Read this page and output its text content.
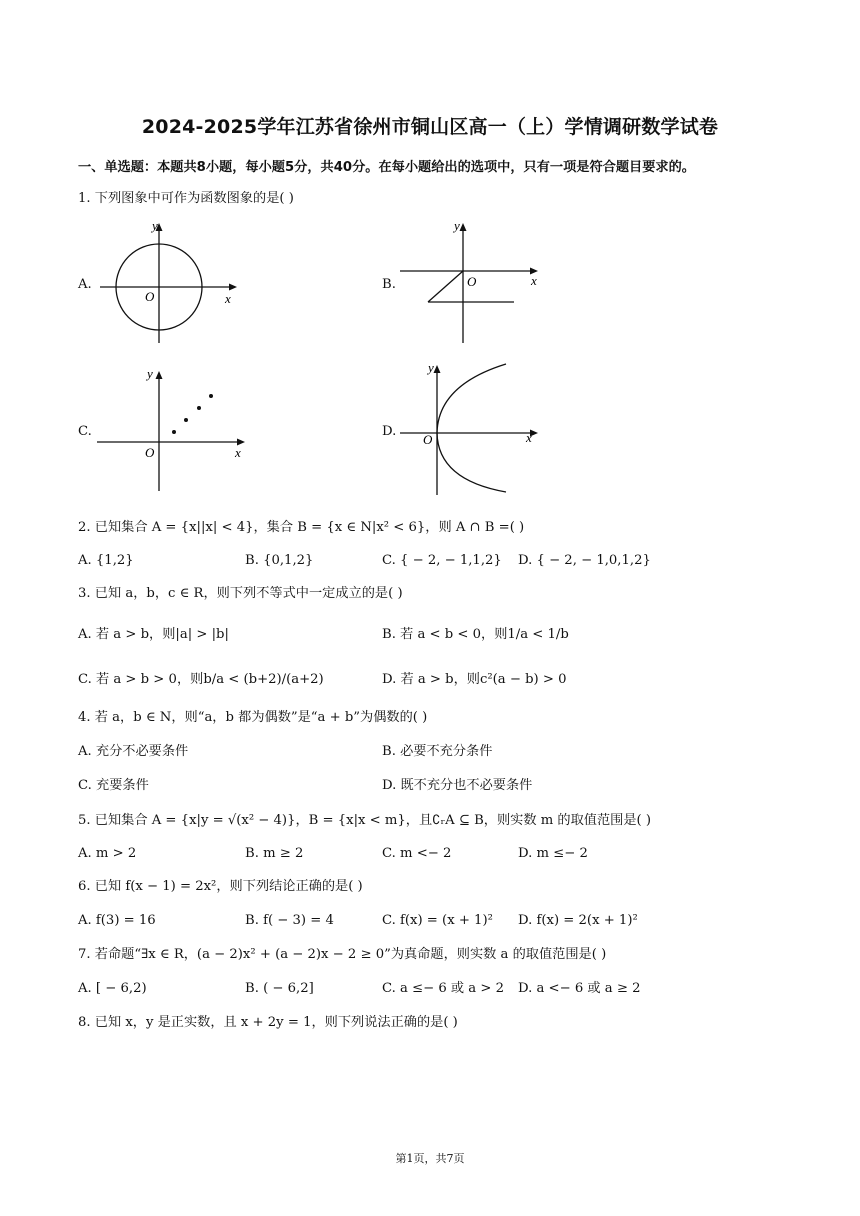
2024-2025学年江苏省徐州市铜山区高一（上）学情调研数学试卷
一、单选题：本题共8小题，每小题5分，共40分。在每小题给出的选项中，只有一项是符合题目要求的。
1. 下列图象中可作为函数图象的是( )
A.
y
x
O
B.
y
x
O
C.
y
x
O
D.
y
x
O
2. 已知集合 A = {x||x| < 4}，集合 B = {x ∈ N|x² < 6}，则 A ∩ B =( )
A. {1,2}	B. {0,1,2}	C. { − 2, − 1,1,2} D. { − 2, − 1,0,1,2}
3. 已知 a，b，c ∈ R，则下列不等式中一定成立的是( )
A. 若 a > b，则|a| > |b|	B. 若 a < b < 0，则1/a < 1/b
C. 若 a > b > 0，则b/a < (b+2)/(a+2)	D. 若 a > b，则c²(a − b) > 0
4. 若 a，b ∈ N，则“a，b 都为偶数”是“a + b”为偶数的( )
A. 充分不必要条件	B. 必要不充分条件
C. 充要条件	D. 既不充分也不必要条件
5. 已知集合 A = {x|y = √(x² − 4)}，B = {x|x < m}，且∁ᵣA ⊆ B，则实数 m 的取值范围是( )
A. m > 2	B. m ≥ 2	C. m <− 2	D. m ≤− 2
6. 已知 f(x − 1) = 2x²，则下列结论正确的是( )
A. f(3) = 16	B. f( − 3) = 4	C. f(x) = (x + 1)² D. f(x) = 2(x + 1)²
7. 若命题“∃x ∈ R，(a − 2)x² + (a − 2)x − 2 ≥ 0”为真命题，则实数 a 的取值范围是( )
A. [ − 6,2)	B. ( − 6,2]	C. a ≤− 6 或 a > 2 D. a <− 6 或 a ≥ 2
8. 已知 x，y 是正实数，且 x + 2y = 1，则下列说法正确的是( )
第1页，共7页
